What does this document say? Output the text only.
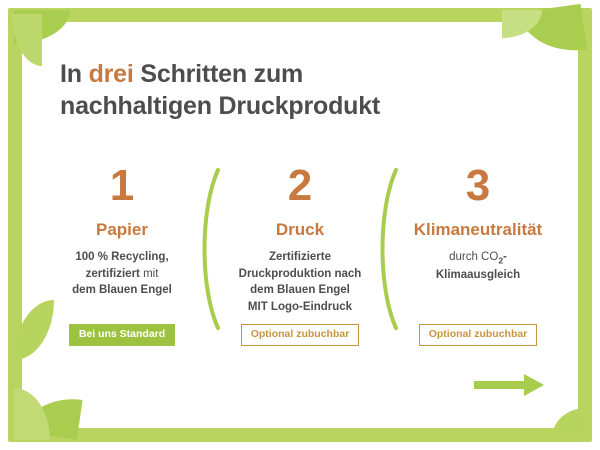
In drei Schritten zum
nachhaltigen Druckprodukt
1
Papier
100 % Recycling,
zertifiziert mit
dem Blauen Engel
2
Druck
Zertifizierte
Druckproduktion nach
dem Blauen Engel
MIT Logo-Eindruck
3
Klimaneutralität
durch $CO_2-$
Klimaausgleich
Bei uns Standard	Optional zubuchbar	Optional zubuchbar
